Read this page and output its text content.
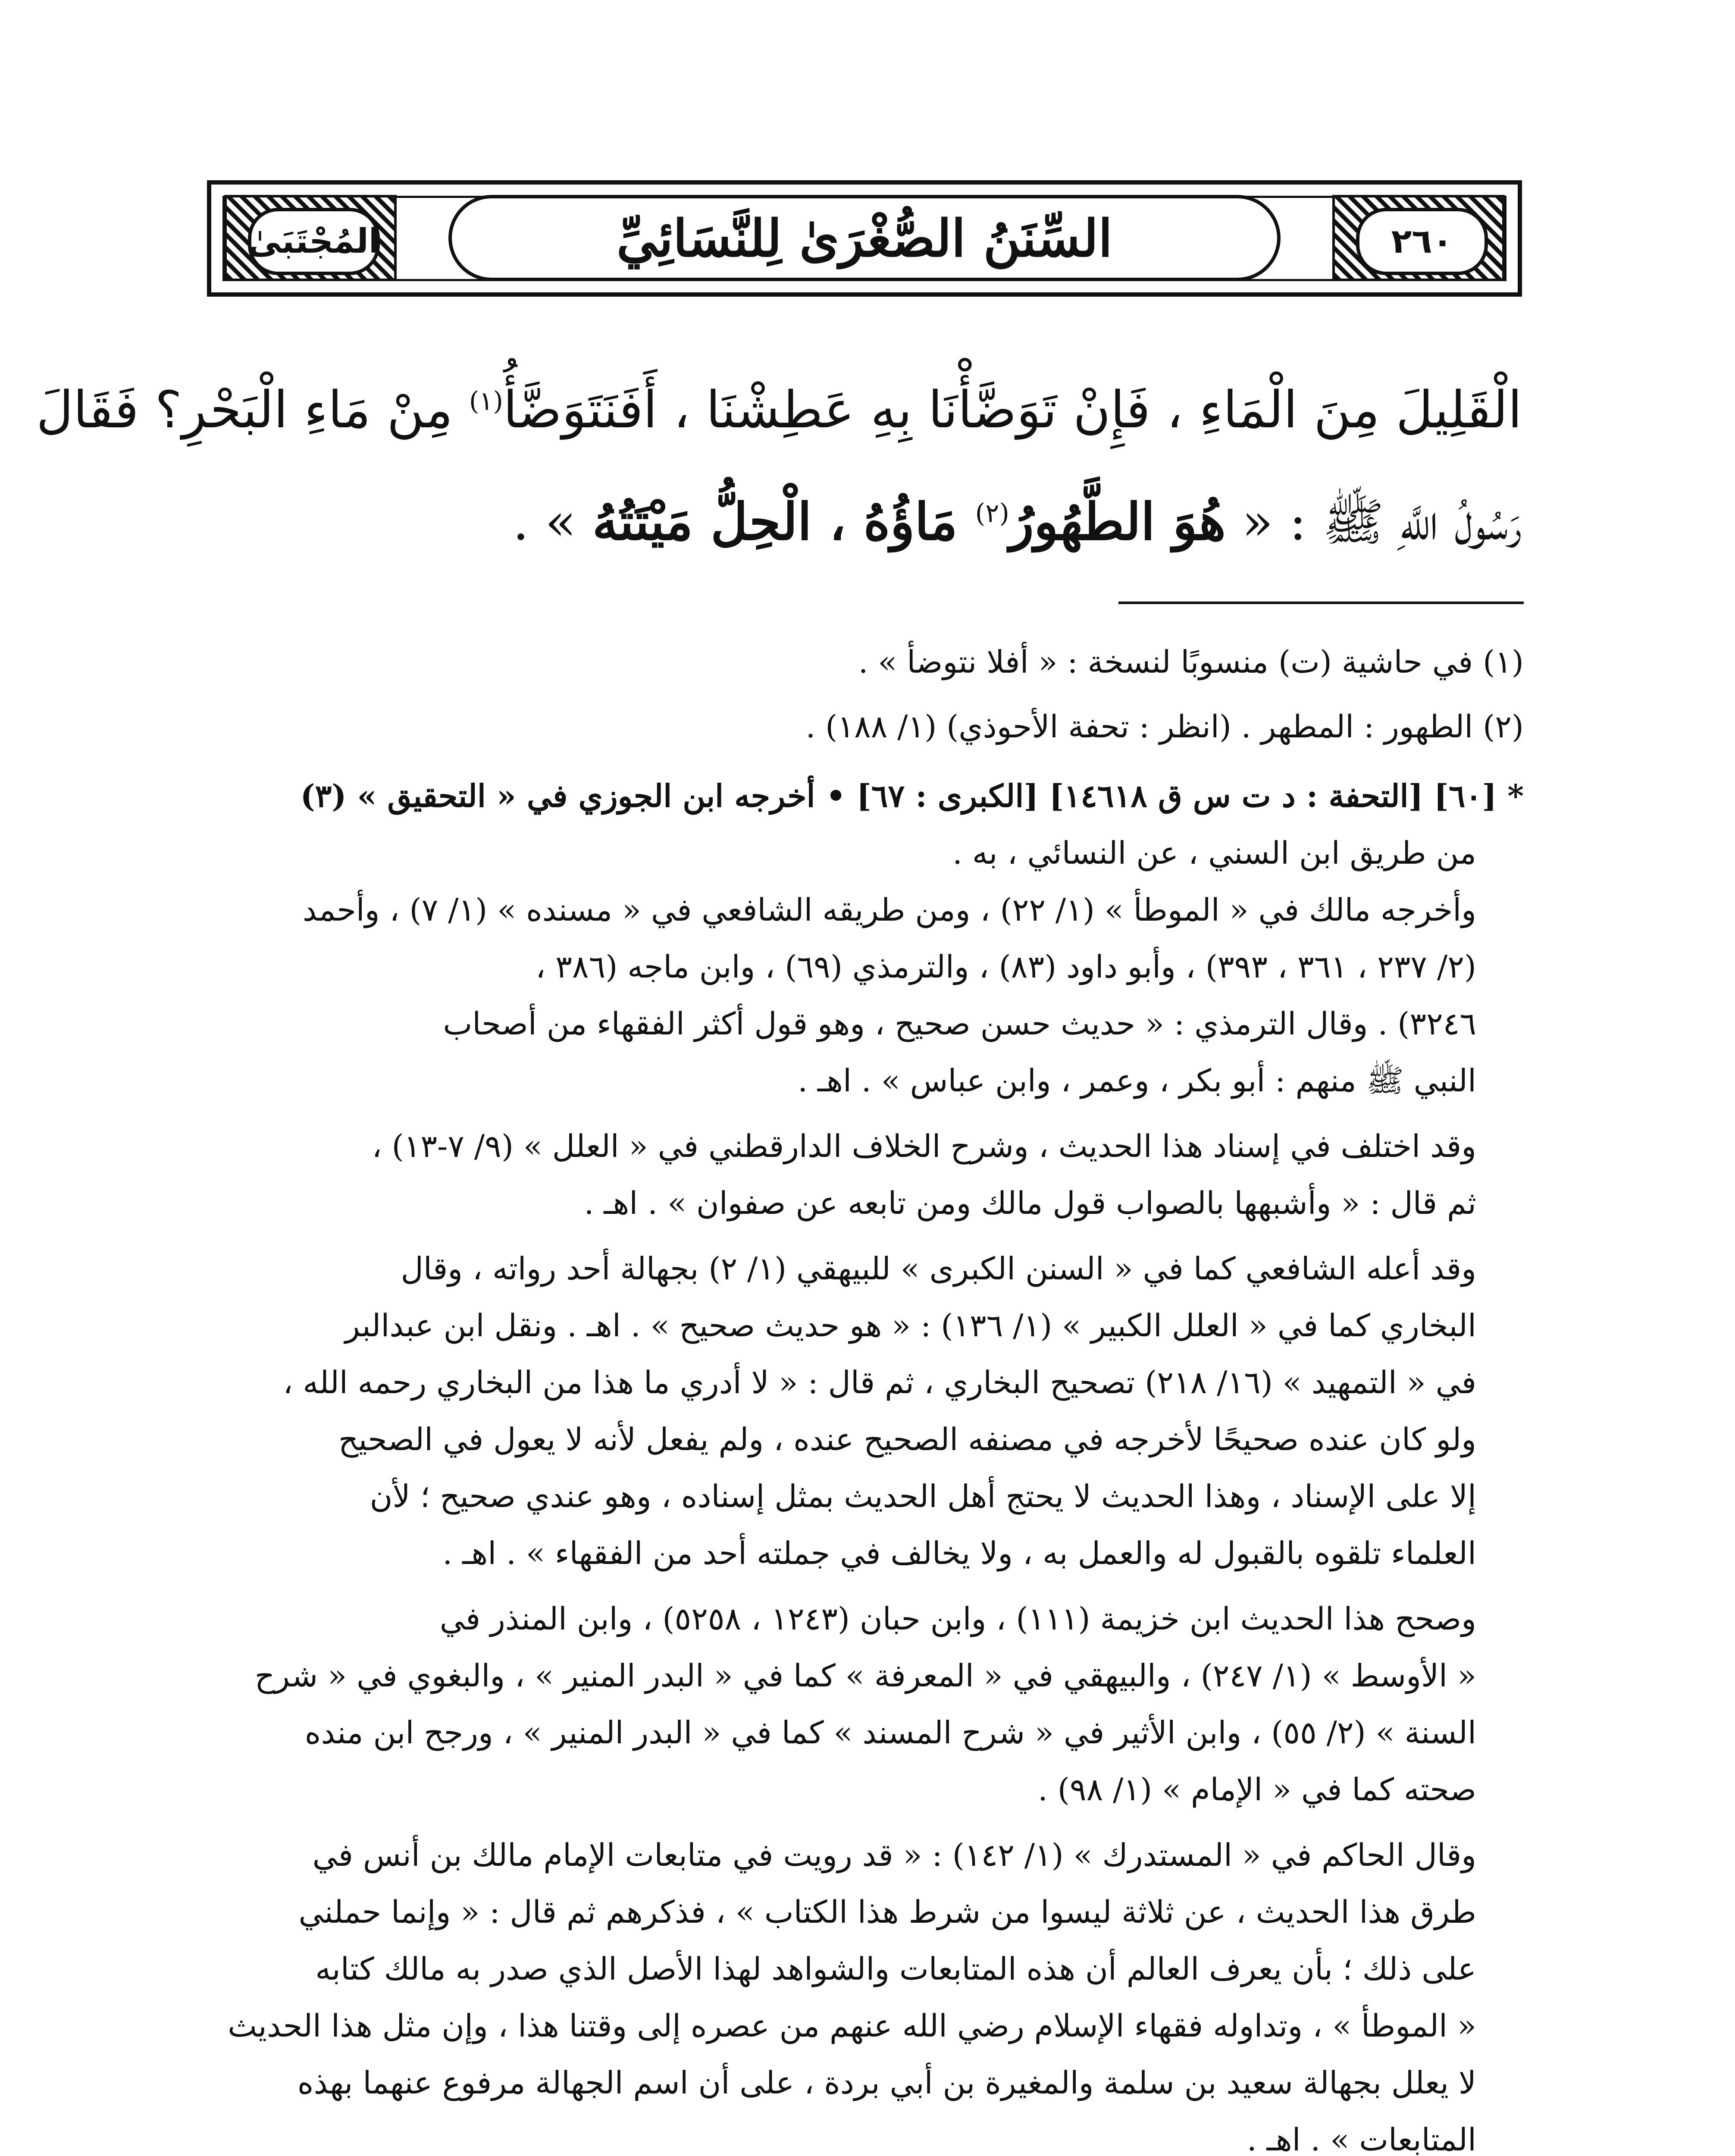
المُجْتَبَىٰ	٢٦٠
السِّنَنُ الصُّغْرَىٰ لِلنَّسَائِيِّ
الْقَلِيلَ مِنَ الْمَاءِ ، فَإِنْ تَوَضَّأْنَا بِهِ عَطِشْنَا ، أَفَنَتَوَضَّأُ$^{(١)}$ مِنْ مَاءِ الْبَحْرِ؟ فَقَالَ
رَسُولُ اللَّهِ ﷺ : « هُوَ الطَّهُورُ$^{(٢)}$ مَاؤُهُ ، الْحِلُّ مَيْتَتُهُ » .
(١) في حاشية (ت) منسوبًا لنسخة : « أفلا نتوضأ » .
(٢) الطهور : المطهر . (انظر : تحفة الأحوذي) (١/ ١٨٨) .
* [٦٠] [التحفة : د ت س ق ١٤٦١٨] [الكبرى : ٦٧] • أخرجه ابن الجوزي في « التحقيق » (٣)
من طريق ابن السني ، عن النسائي ، به .
وأخرجه مالك في « الموطأ » (١/ ٢٢) ، ومن طريقه الشافعي في « مسنده » (١/ ٧) ، وأحمد
(٢/ ٢٣٧ ، ٣٦١ ، ٣٩٣) ، وأبو داود (٨٣) ، والترمذي (٦٩) ، وابن ماجه (٣٨٦ ،
٣٢٤٦) . وقال الترمذي : « حديث حسن صحيح ، وهو قول أكثر الفقهاء من أصحاب
النبي ﷺ منهم : أبو بكر ، وعمر ، وابن عباس » . اهـ .
وقد اختلف في إسناد هذا الحديث ، وشرح الخلاف الدارقطني في « العلل » (٩/ ٧-١٣) ،
ثم قال : « وأشبهها بالصواب قول مالك ومن تابعه عن صفوان » . اهـ .
وقد أعله الشافعي كما في « السنن الكبرى » للبيهقي (١/ ٢) بجهالة أحد رواته ، وقال
البخاري كما في « العلل الكبير » (١/ ١٣٦) : « هو حديث صحيح » . اهـ . ونقل ابن عبدالبر
في « التمهيد » (١٦/ ٢١٨) تصحيح البخاري ، ثم قال : « لا أدري ما هذا من البخاري رحمه الله ،
ولو كان عنده صحيحًا لأخرجه في مصنفه الصحيح عنده ، ولم يفعل لأنه لا يعول في الصحيح
إلا على الإسناد ، وهذا الحديث لا يحتج أهل الحديث بمثل إسناده ، وهو عندي صحيح ؛ لأن
العلماء تلقوه بالقبول له والعمل به ، ولا يخالف في جملته أحد من الفقهاء » . اهـ .
وصحح هذا الحديث ابن خزيمة (١١١) ، وابن حبان (١٢٤٣ ، ٥٢٥٨) ، وابن المنذر في
« الأوسط » (١/ ٢٤٧) ، والبيهقي في « المعرفة » كما في « البدر المنير » ، والبغوي في « شرح
السنة » (٢/ ٥٥) ، وابن الأثير في « شرح المسند » كما في « البدر المنير » ، ورجح ابن منده
صحته كما في « الإمام » (١/ ٩٨) .
وقال الحاكم في « المستدرك » (١/ ١٤٢) : « قد رويت في متابعات الإمام مالك بن أنس في
طرق هذا الحديث ، عن ثلاثة ليسوا من شرط هذا الكتاب » ، فذكرهم ثم قال : « وإنما حملني
على ذلك ؛ بأن يعرف العالم أن هذه المتابعات والشواهد لهذا الأصل الذي صدر به مالك كتابه
« الموطأ » ، وتداوله فقهاء الإسلام رضي الله عنهم من عصره إلى وقتنا هذا ، وإن مثل هذا الحديث
لا يعلل بجهالة سعيد بن سلمة والمغيرة بن أبي بردة ، على أن اسم الجهالة مرفوع عنهما بهذه
المتابعات » . اهـ .
